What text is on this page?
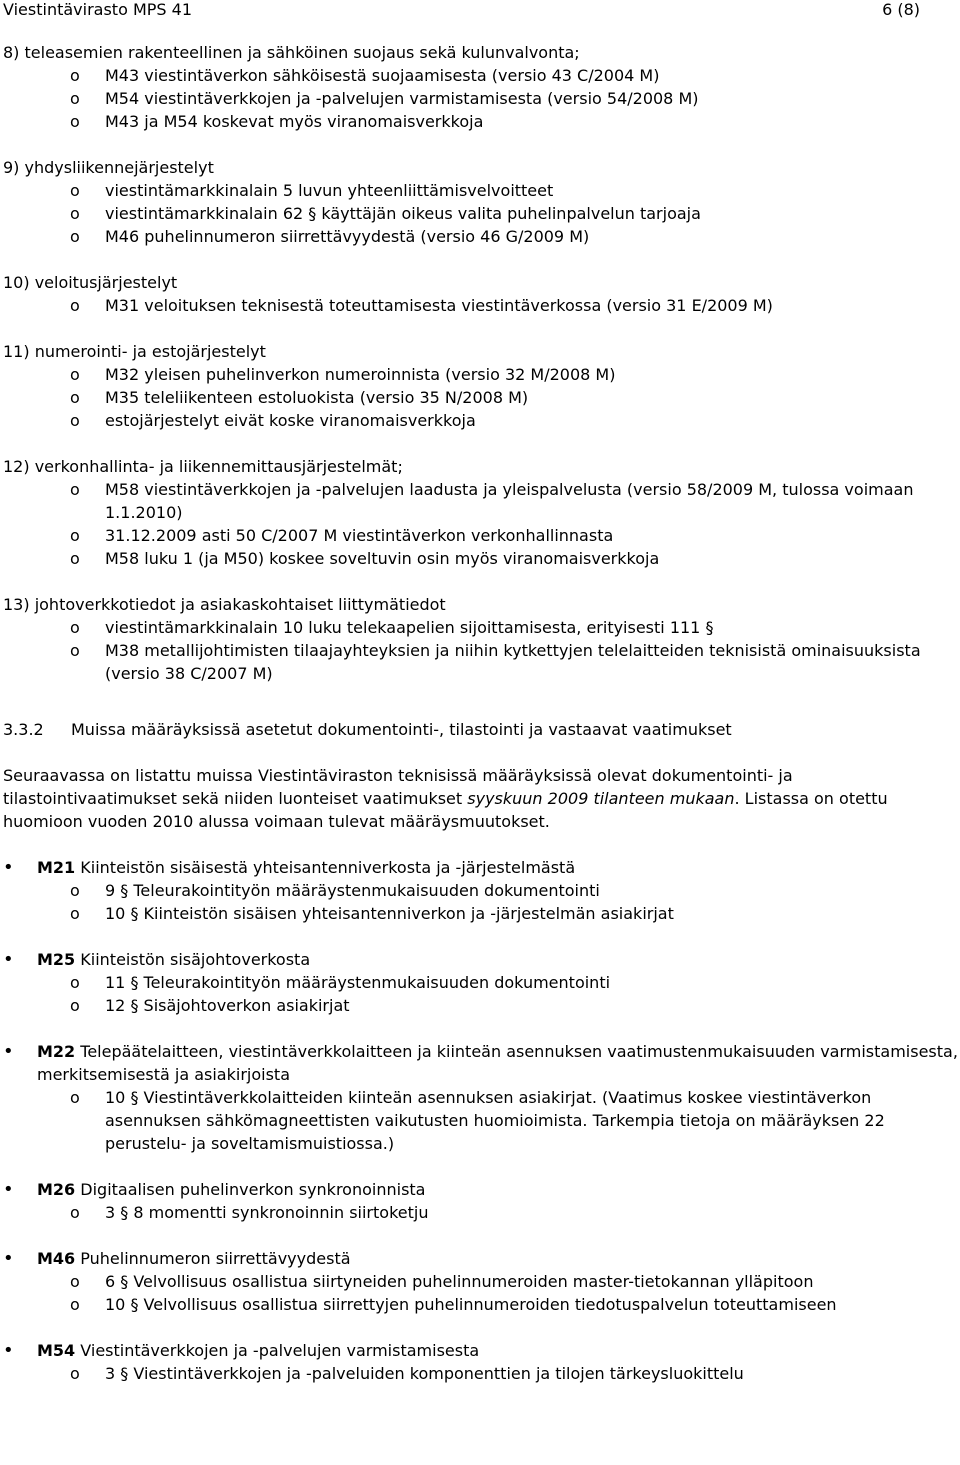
Viestintävirasto MPS 41	6 (8)
8) teleasemien rakenteellinen ja sähköinen suojaus sekä kulunvalvonta;
o M43 viestintäverkon sähköisestä suojaamisesta (versio 43 C/2004 M)
o M54 viestintäverkkojen ja -palvelujen varmistamisesta (versio 54/2008 M)
o M43 ja M54 koskevat myös viranomaisverkkoja
9) yhdysliikennejärjestelyt
o viestintämarkkinalain 5 luvun yhteenliittämisvelvoitteet
o viestintämarkkinalain 62 § käyttäjän oikeus valita puhelinpalvelun tarjoaja
o M46 puhelinnumeron siirrettävyydestä (versio 46 G/2009 M)
10) veloitusjärjestelyt
o M31 veloituksen teknisestä toteuttamisesta viestintäverkossa (versio 31 E/2009 M)
11) numerointi- ja estojärjestelyt
o M32 yleisen puhelinverkon numeroinnista (versio 32 M/2008 M)
o M35 teleliikenteen estoluokista (versio 35 N/2008 M)
o estojärjestelyt eivät koske viranomaisverkkoja
12) verkonhallinta- ja liikennemittausjärjestelmät;
o M58 viestintäverkkojen ja -palvelujen laadusta ja yleispalvelusta (versio 58/2009 M, tulossa voimaan 1.1.2010)
o 31.12.2009 asti 50 C/2007 M viestintäverkon verkonhallinnasta
o M58 luku 1 (ja M50) koskee soveltuvin osin myös viranomaisverkkoja
13) johtoverkkotiedot ja asiakaskohtaiset liittymätiedot
o viestintämarkkinalain 10 luku telekaapelien sijoittamisesta, erityisesti 111 §
o M38 metallijohtimisten tilaajayhteyksien ja niihin kytkettyjen telelaitteiden teknisistä ominaisuuksista (versio 38 C/2007 M)
3.3.2 Muissa määräyksissä asetetut dokumentointi-, tilastointi ja vastaavat vaatimukset
Seuraavassa on listattu muissa Viestintäviraston teknisissä määräyksissä olevat dokumentointi- ja tilastointivaatimukset sekä niiden luonteiset vaatimukset syyskuun 2009 tilanteen mukaan. Listassa on otettu huomioon vuoden 2010 alussa voimaan tulevat määräysmuutokset.
• M21 Kiinteistön sisäisestä yhteisantenniverkosta ja -järjestelmästä
o 9 § Teleurakointityön määräystenmukaisuuden dokumentointi
o 10 § Kiinteistön sisäisen yhteisantenniverkon ja -järjestelmän asiakirjat
• M25 Kiinteistön sisäjohtoverkosta
o 11 § Teleurakointityön määräystenmukaisuuden dokumentointi
o 12 § Sisäjohtoverkon asiakirjat
• M22 Telepäätelaitteen, viestintäverkkolaitteen ja kiinteän asennuksen vaatimustenmukaisuuden varmistamisesta, merkitsemisestä ja asiakirjoista
o 10 § Viestintäverkkolaitteiden kiinteän asennuksen asiakirjat. (Vaatimus koskee viestintäverkon asennuksen sähkömagneettisten vaikutusten huomioimista. Tarkempia tietoja on määräyksen 22 perustelu- ja soveltamismuistiossa.)
• M26 Digitaalisen puhelinverkon synkronoinnista
o 3 § 8 momentti synkronoinnin siirtoketju
• M46 Puhelinnumeron siirrettävyydestä
o 6 § Velvollisuus osallistua siirtyneiden puhelinnumeroiden master-tietokannan ylläpitoon
o 10 § Velvollisuus osallistua siirrettyjen puhelinnumeroiden tiedotuspalvelun toteuttamiseen
• M54 Viestintäverkkojen ja -palvelujen varmistamisesta
o 3 § Viestintäverkkojen ja -palveluiden komponenttien ja tilojen tärkeysluokittelu
